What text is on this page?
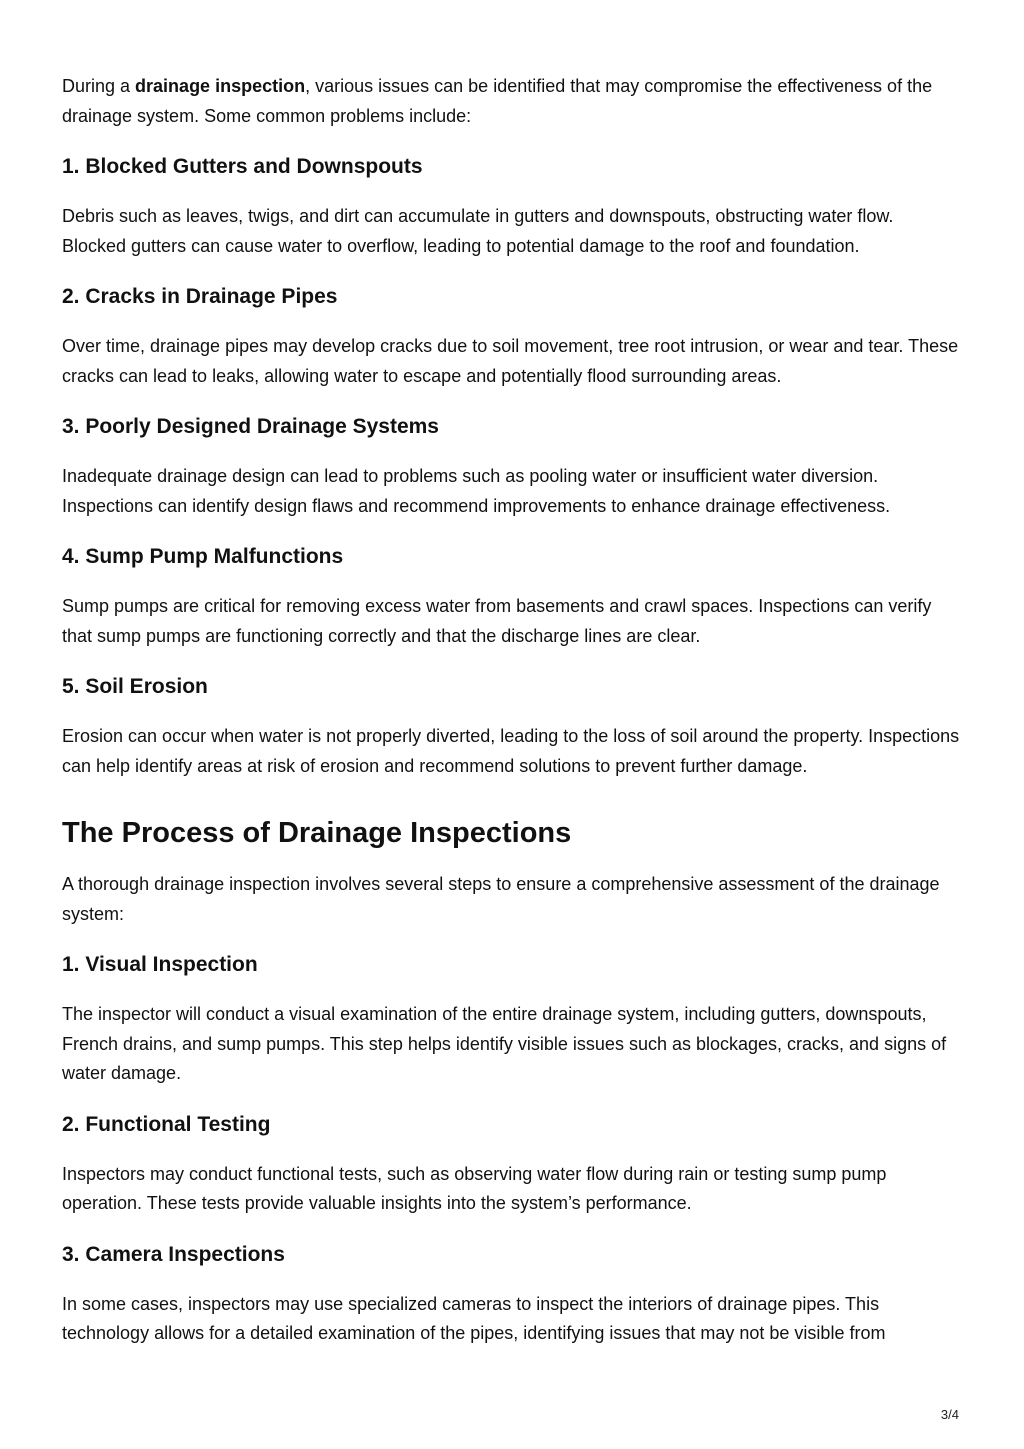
During a drainage inspection, various issues can be identified that may compromise the effectiveness of the drainage system. Some common problems include:

1. Blocked Gutters and Downspouts

Debris such as leaves, twigs, and dirt can accumulate in gutters and downspouts, obstructing water flow. Blocked gutters can cause water to overflow, leading to potential damage to the roof and foundation.

2. Cracks in Drainage Pipes

Over time, drainage pipes may develop cracks due to soil movement, tree root intrusion, or wear and tear. These cracks can lead to leaks, allowing water to escape and potentially flood surrounding areas.

3. Poorly Designed Drainage Systems

Inadequate drainage design can lead to problems such as pooling water or insufficient water diversion. Inspections can identify design flaws and recommend improvements to enhance drainage effectiveness.

4. Sump Pump Malfunctions

Sump pumps are critical for removing excess water from basements and crawl spaces. Inspections can verify that sump pumps are functioning correctly and that the discharge lines are clear.

5. Soil Erosion

Erosion can occur when water is not properly diverted, leading to the loss of soil around the property. Inspections can help identify areas at risk of erosion and recommend solutions to prevent further damage.

The Process of Drainage Inspections

A thorough drainage inspection involves several steps to ensure a comprehensive assessment of the drainage system:

1. Visual Inspection

The inspector will conduct a visual examination of the entire drainage system, including gutters, downspouts, French drains, and sump pumps. This step helps identify visible issues such as blockages, cracks, and signs of water damage.

2. Functional Testing

Inspectors may conduct functional tests, such as observing water flow during rain or testing sump pump operation. These tests provide valuable insights into the system’s performance.

3. Camera Inspections

In some cases, inspectors may use specialized cameras to inspect the interiors of drainage pipes. This technology allows for a detailed examination of the pipes, identifying issues that may not be visible from

3/4
